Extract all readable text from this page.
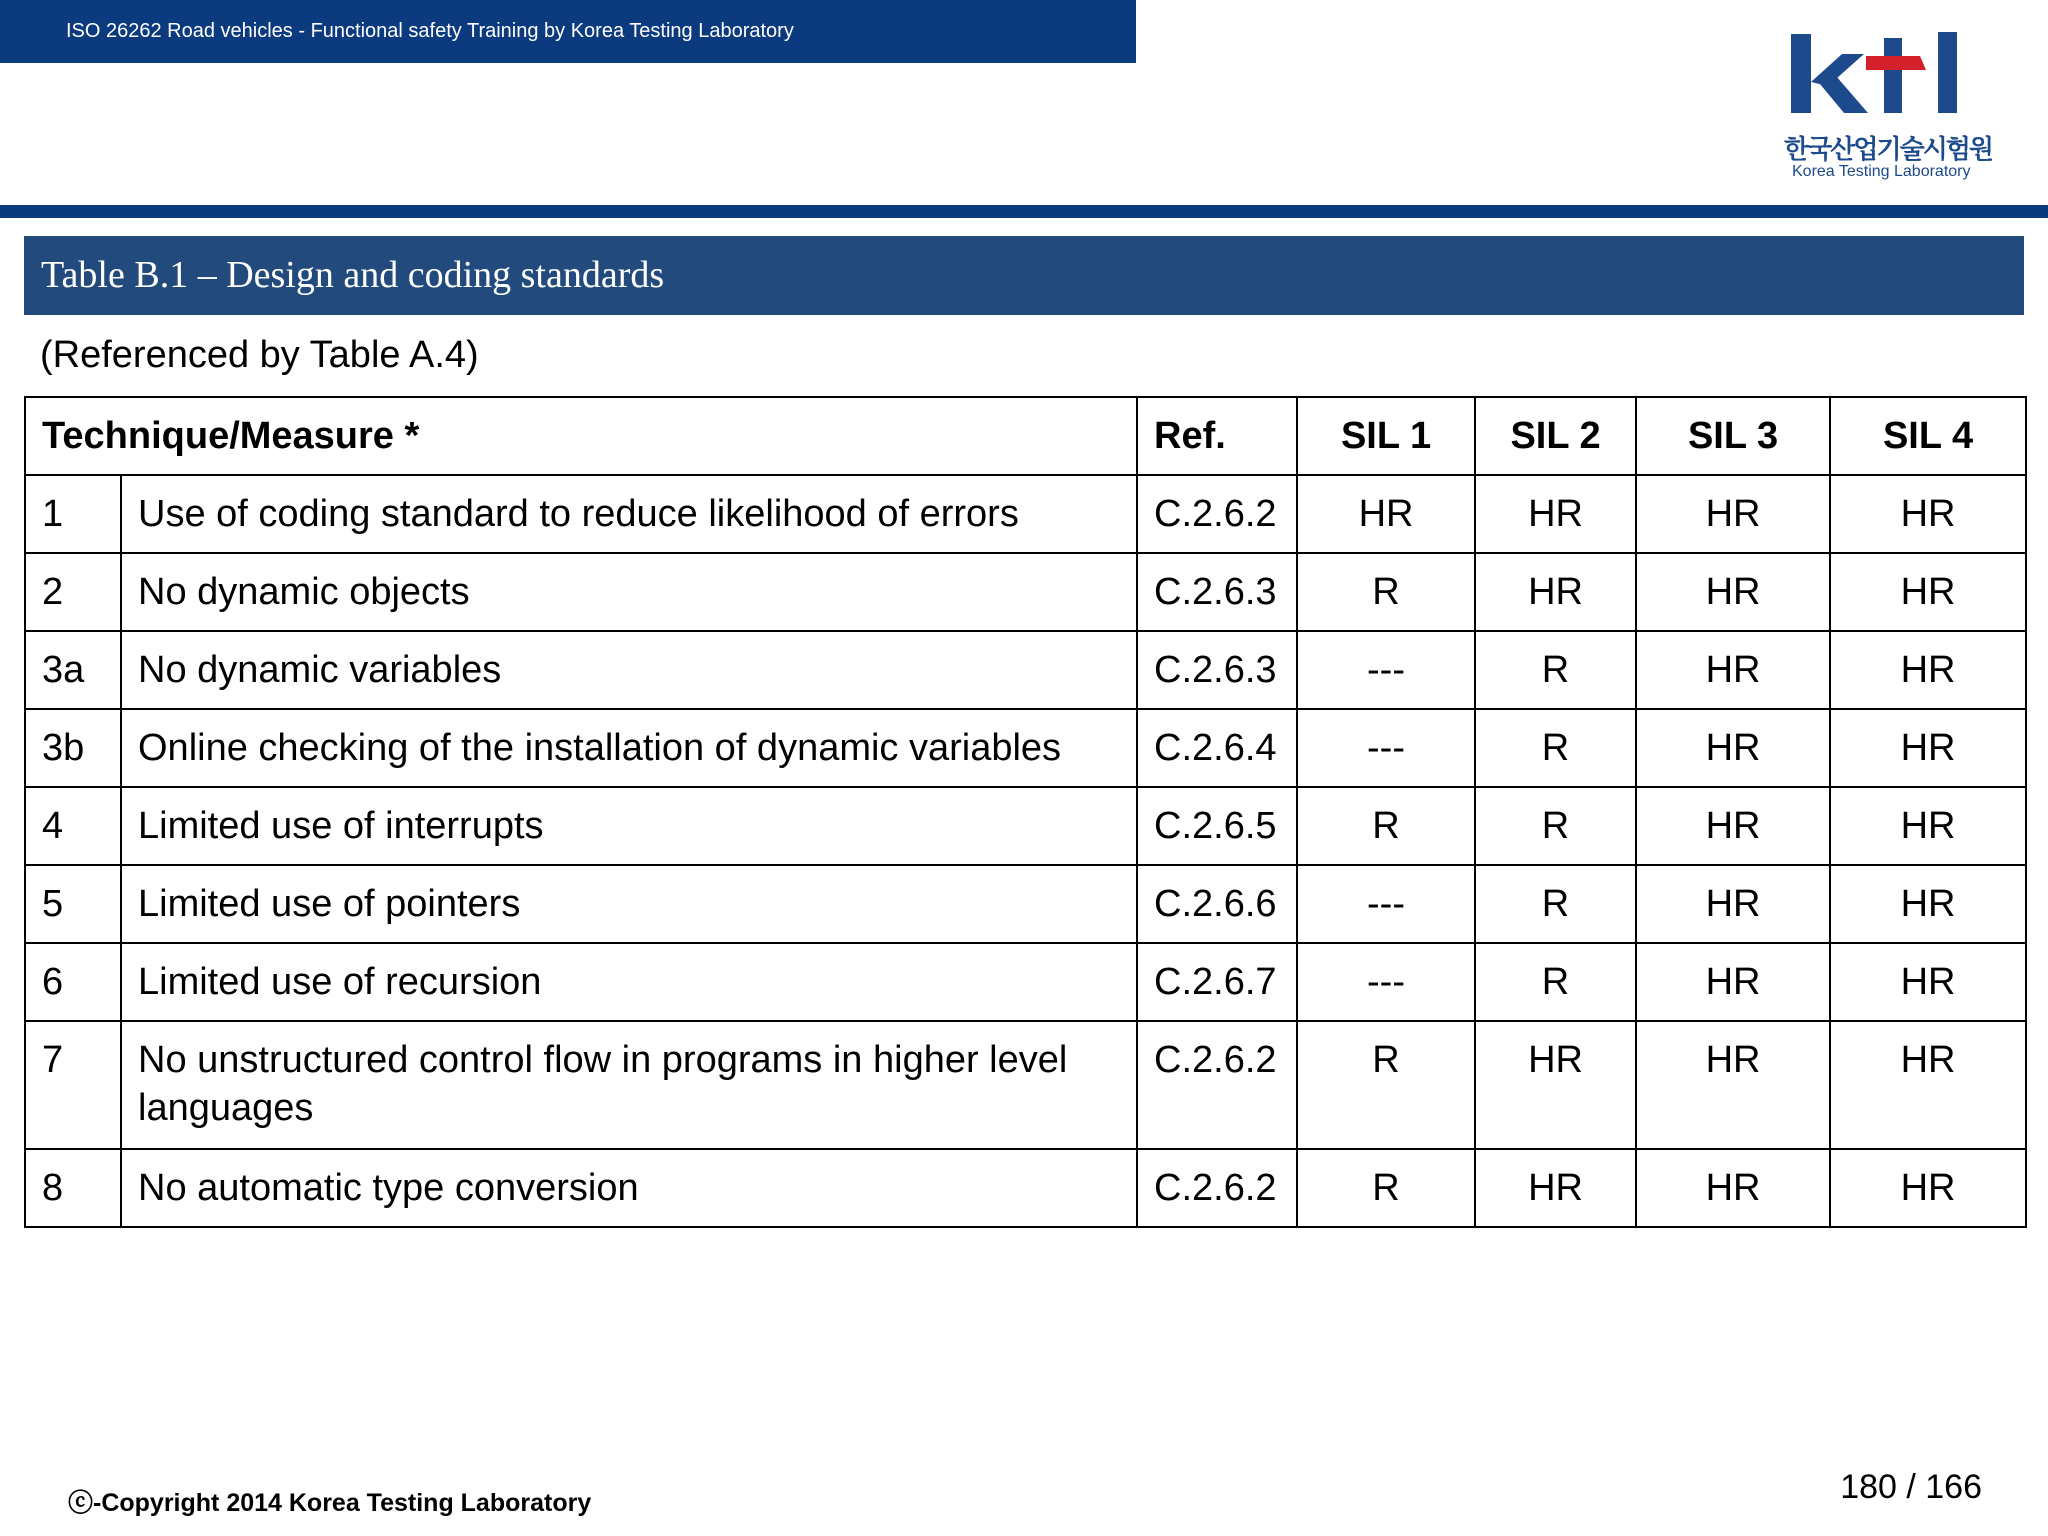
ISO 26262 Road vehicles - Functional safety Training by Korea Testing Laboratory
한국산업기술시험원
Korea Testing Laboratory
Table B.1 – Design and coding standards
(Referenced by Table A.4)
Technique/Measure *		Ref.	SIL 1	SIL 2	SIL 3	SIL 4
1	Use of coding standard to reduce likelihood of errors	C.2.6.2	HR	HR	HR	HR
2	No dynamic objects	C.2.6.3	R	HR	HR	HR
3a	No dynamic variables	C.2.6.3	---	R	HR	HR
3b	Online checking of the installation of dynamic variables	C.2.6.4	---	R	HR	HR
4	Limited use of interrupts	C.2.6.5	R	R	HR	HR
5	Limited use of pointers	C.2.6.6	---	R	HR	HR
6	Limited use of recursion	C.2.6.7	---	R	HR	HR
7	No unstructured control flow in programs in higher level languages	C.2.6.2	R	HR	HR	HR
8	No automatic type conversion	C.2.6.2	R	HR	HR	HR
ⓒ-Copyright 2014 Korea Testing Laboratory	180 / 166
